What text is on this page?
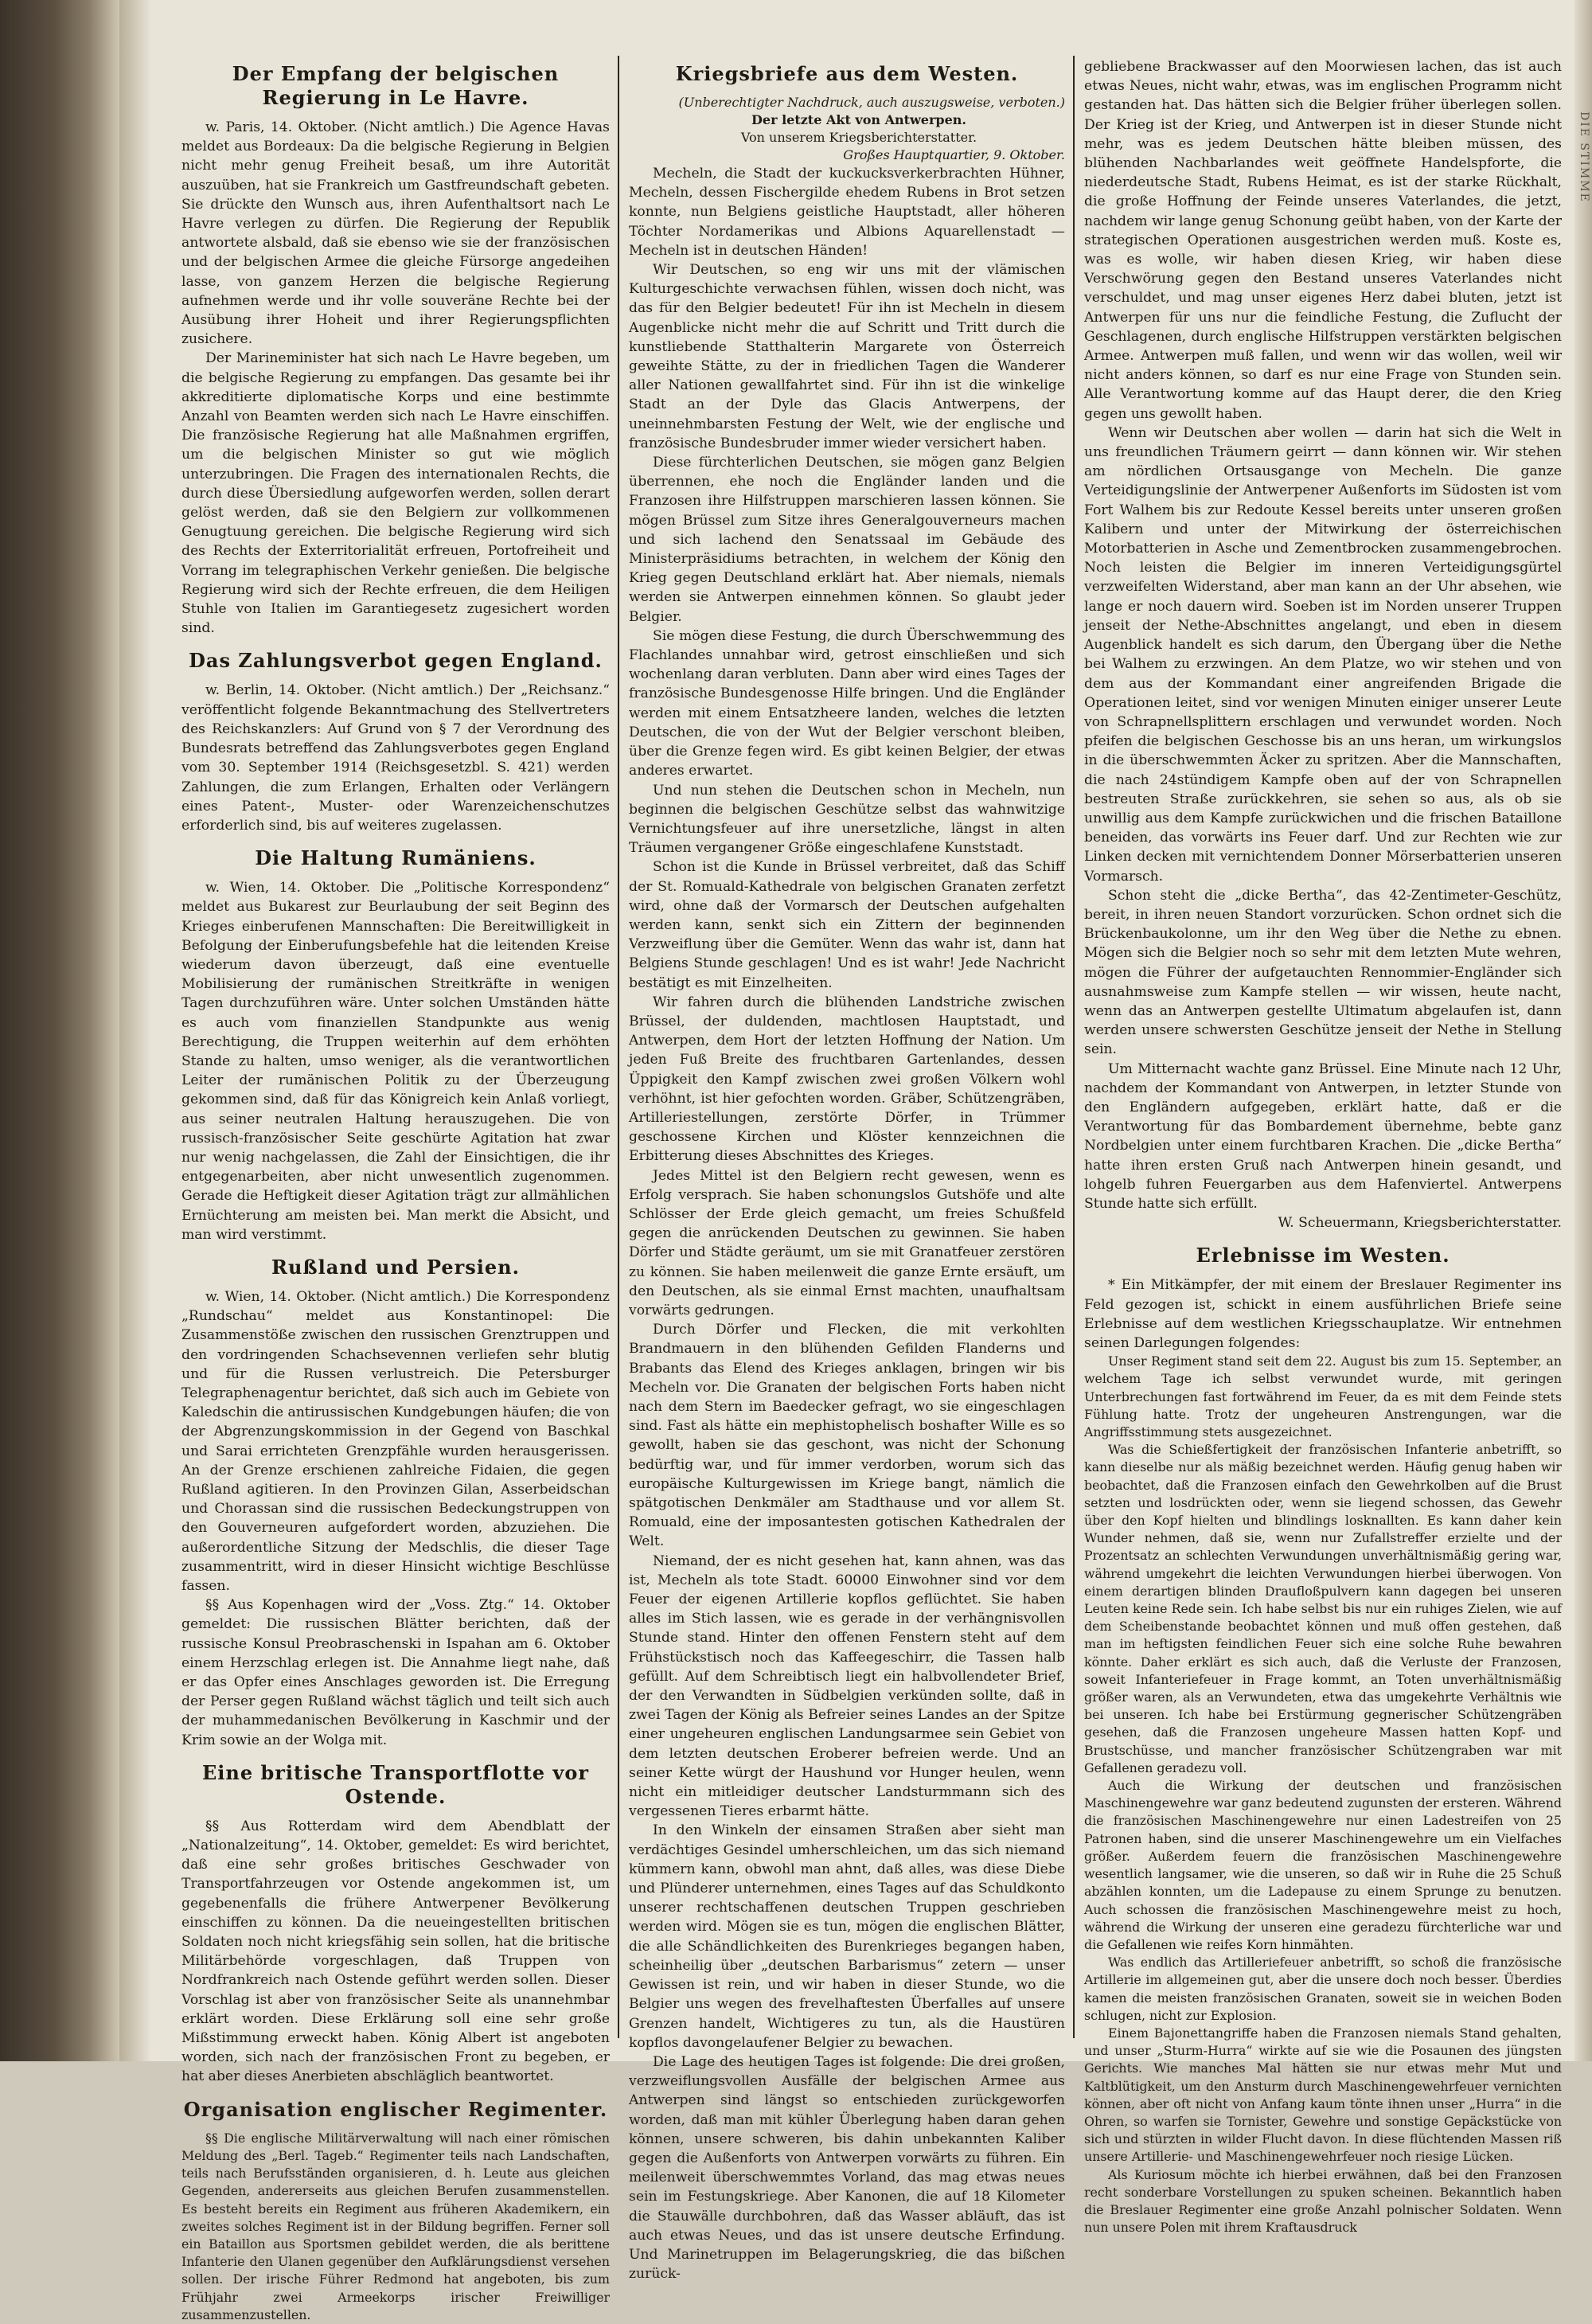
DIE STIMME
Der Empfang der belgischen Regierung in Le Havre.

w. Paris, 14. Oktober. (Nicht amtlich.) Die Agence Havas meldet aus Bordeaux: Da die belgische Regierung in Belgien nicht mehr genug Freiheit besaß, um ihre Autorität auszuüben, hat sie Frankreich um Gastfreundschaft gebeten. Sie drückte den Wunsch aus, ihren Aufenthaltsort nach Le Havre verlegen zu dürfen. Die Regierung der Republik antwortete alsbald, daß sie ebenso wie sie der französischen und der belgischen Armee die gleiche Fürsorge angedeihen lasse, von ganzem Herzen die belgische Regierung aufnehmen werde und ihr volle souveräne Rechte bei der Ausübung ihrer Hoheit und ihrer Regierungspflichten zusichere.

Der Marineminister hat sich nach Le Havre begeben, um die belgische Regierung zu empfangen. Das gesamte bei ihr akkreditierte diplomatische Korps und eine bestimmte Anzahl von Beamten werden sich nach Le Havre einschiffen. Die französische Regierung hat alle Maßnahmen ergriffen, um die belgischen Minister so gut wie möglich unterzubringen. Die Fragen des internationalen Rechts, die durch diese Übersiedlung aufgeworfen werden, sollen derart gelöst werden, daß sie den Belgiern zur vollkommenen Genugtuung gereichen. Die belgische Regierung wird sich des Rechts der Exterritorialität erfreuen, Portofreiheit und Vorrang im telegraphischen Verkehr genießen. Die belgische Regierung wird sich der Rechte erfreuen, die dem Heiligen Stuhle von Italien im Garantiegesetz zugesichert worden sind.

Das Zahlungsverbot gegen England.

w. Berlin, 14. Oktober. (Nicht amtlich.) Der „Reichsanz.“ veröffentlicht folgende Bekanntmachung des Stellvertreters des Reichskanzlers: Auf Grund von § 7 der Verordnung des Bundesrats betreffend das Zahlungsverbotes gegen England vom 30. September 1914 (Reichsgesetzbl. S. 421) werden Zahlungen, die zum Erlangen, Erhalten oder Verlängern eines Patent-, Muster- oder Warenzeichenschutzes erforderlich sind, bis auf weiteres zugelassen.

Die Haltung Rumäniens.

w. Wien, 14. Oktober. Die „Politische Korrespondenz“ meldet aus Bukarest zur Beurlaubung der seit Beginn des Krieges einberufenen Mannschaften: Die Bereitwilligkeit in Befolgung der Einberufungsbefehle hat die leitenden Kreise wiederum davon überzeugt, daß eine eventuelle Mobilisierung der rumänischen Streitkräfte in wenigen Tagen durchzuführen wäre. Unter solchen Umständen hätte es auch vom finanziellen Standpunkte aus wenig Berechtigung, die Truppen weiterhin auf dem erhöhten Stande zu halten, umso weniger, als die verantwortlichen Leiter der rumänischen Politik zu der Überzeugung gekommen sind, daß für das Königreich kein Anlaß vorliegt, aus seiner neutralen Haltung herauszugehen. Die von russisch-französischer Seite geschürte Agitation hat zwar nur wenig nachgelassen, die Zahl der Einsichtigen, die ihr entgegenarbeiten, aber nicht unwesentlich zugenommen. Gerade die Heftigkeit dieser Agitation trägt zur allmählichen Ernüchterung am meisten bei. Man merkt die Absicht, und man wird verstimmt.

Rußland und Persien.

w. Wien, 14. Oktober. (Nicht amtlich.) Die Korrespondenz „Rundschau“ meldet aus Konstantinopel: Die Zusammenstöße zwischen den russischen Grenztruppen und den vordringenden Schachsevennen verliefen sehr blutig und für die Russen verlustreich. Die Petersburger Telegraphenagentur berichtet, daß sich auch im Gebiete von Kaledschin die antirussischen Kundgebungen häufen; die von der Abgrenzungskommission in der Gegend von Baschkal und Sarai errichteten Grenzpfähle wurden herausgerissen. An der Grenze erschienen zahlreiche Fidaien, die gegen Rußland agitieren. In den Provinzen Gilan, Asserbeidschan und Chorassan sind die russischen Bedeckungstruppen von den Gouverneuren aufgefordert worden, abzuziehen. Die außerordentliche Sitzung der Medschlis, die dieser Tage zusammentritt, wird in dieser Hinsicht wichtige Beschlüsse fassen.

§§ Aus Kopenhagen wird der „Voss. Ztg.“ 14. Oktober gemeldet: Die russischen Blätter berichten, daß der russische Konsul Preobraschenski in Ispahan am 6. Oktober einem Herzschlag erlegen ist. Die Annahme liegt nahe, daß er das Opfer eines Anschlages geworden ist. Die Erregung der Perser gegen Rußland wächst täglich und teilt sich auch der muhammedanischen Bevölkerung in Kaschmir und der Krim sowie an der Wolga mit.

Eine britische Transportflotte vor Ostende.

§§ Aus Rotterdam wird dem Abendblatt der „Nationalzeitung“, 14. Oktober, gemeldet: Es wird berichtet, daß eine sehr großes britisches Geschwader von Transportfahrzeugen vor Ostende angekommen ist, um gegebenenfalls die frühere Antwerpener Bevölkerung einschiffen zu können. Da die neueingestellten britischen Soldaten noch nicht kriegsfähig sein sollen, hat die britische Militärbehörde vorgeschlagen, daß Truppen von Nordfrankreich nach Ostende geführt werden sollen. Dieser Vorschlag ist aber von französischer Seite als unannehmbar erklärt worden. Diese Erklärung soll eine sehr große Mißstimmung erweckt haben. König Albert ist angeboten worden, sich nach der französischen Front zu begeben, er hat aber dieses Anerbieten abschläglich beantwortet.

Organisation englischer Regimenter.

§§ Die englische Militärverwaltung will nach einer römischen Meldung des „Berl. Tageb.“ Regimenter teils nach Landschaften, teils nach Berufsständen organisieren, d. h. Leute aus gleichen Gegenden, andererseits aus gleichen Berufen zusammenstellen. Es besteht bereits ein Regiment aus früheren Akademikern, ein zweites solches Regiment ist in der Bildung begriffen. Ferner soll ein Bataillon aus Sportsmen gebildet werden, die als berittene Infanterie den Ulanen gegenüber den Aufklärungsdienst versehen sollen. Der irische Führer Redmond hat angeboten, bis zum Frühjahr zwei Armeekorps irischer Freiwilliger zusammenzustellen.

Kriegsbriefe aus dem Westen.

(Unberechtigter Nachdruck, auch auszugsweise, verboten.)

Der letzte Akt von Antwerpen.

Von unserem Kriegsberichterstatter.

Großes Hauptquartier, 9. Oktober.

Mecheln, die Stadt der kuckucksverkerbrachten Hühner, Mecheln, dessen Fischergilde ehedem Rubens in Brot setzen konnte, nun Belgiens geistliche Hauptstadt, aller höheren Töchter Nordamerikas und Albions Aquarellenstadt — Mecheln ist in deutschen Händen!

Wir Deutschen, so eng wir uns mit der vlämischen Kulturgeschichte verwachsen fühlen, wissen doch nicht, was das für den Belgier bedeutet! Für ihn ist Mecheln in diesem Augenblicke nicht mehr die auf Schritt und Tritt durch die kunstliebende Statthalterin Margarete von Österreich geweihte Stätte, zu der in friedlichen Tagen die Wanderer aller Nationen gewallfahrtet sind. Für ihn ist die winkelige Stadt an der Dyle das Glacis Antwerpens, der uneinnehmbarsten Festung der Welt, wie der englische und französische Bundesbruder immer wieder versichert haben.

Diese fürchterlichen Deutschen, sie mögen ganz Belgien überrennen, ehe noch die Engländer landen und die Franzosen ihre Hilfstruppen marschieren lassen können. Sie mögen Brüssel zum Sitze ihres Generalgouverneurs machen und sich lachend den Senatssaal im Gebäude des Ministerpräsidiums betrachten, in welchem der König den Krieg gegen Deutschland erklärt hat. Aber niemals, niemals werden sie Antwerpen einnehmen können. So glaubt jeder Belgier.

Sie mögen diese Festung, die durch Überschwemmung des Flachlandes unnahbar wird, getrost einschließen und sich wochenlang daran verbluten. Dann aber wird eines Tages der französische Bundesgenosse Hilfe bringen. Und die Engländer werden mit einem Entsatzheere landen, welches die letzten Deutschen, die von der Wut der Belgier verschont bleiben, über die Grenze fegen wird. Es gibt keinen Belgier, der etwas anderes erwartet.

Und nun stehen die Deutschen schon in Mecheln, nun beginnen die belgischen Geschütze selbst das wahnwitzige Vernichtungsfeuer auf ihre unersetzliche, längst in alten Träumen vergangener Größe eingeschlafene Kunststadt.

Schon ist die Kunde in Brüssel verbreitet, daß das Schiff der St. Romuald-Kathedrale von belgischen Granaten zerfetzt wird, ohne daß der Vormarsch der Deutschen aufgehalten werden kann, senkt sich ein Zittern der beginnenden Verzweiflung über die Gemüter. Wenn das wahr ist, dann hat Belgiens Stunde geschlagen! Und es ist wahr! Jede Nachricht bestätigt es mit Einzelheiten.

Wir fahren durch die blühenden Landstriche zwischen Brüssel, der duldenden, machtlosen Hauptstadt, und Antwerpen, dem Hort der letzten Hoffnung der Nation. Um jeden Fuß Breite des fruchtbaren Gartenlandes, dessen Üppigkeit den Kampf zwischen zwei großen Völkern wohl verhöhnt, ist hier gefochten worden. Gräber, Schützengräben, Artilleriestellungen, zerstörte Dörfer, in Trümmer geschossene Kirchen und Klöster kennzeichnen die Erbitterung dieses Abschnittes des Krieges.

Jedes Mittel ist den Belgiern recht gewesen, wenn es Erfolg versprach. Sie haben schonungslos Gutshöfe und alte Schlösser der Erde gleich gemacht, um freies Schußfeld gegen die anrückenden Deutschen zu gewinnen. Sie haben Dörfer und Städte geräumt, um sie mit Granatfeuer zerstören zu können. Sie haben meilenweit die ganze Ernte ersäuft, um den Deutschen, als sie einmal Ernst machten, unaufhaltsam vorwärts gedrungen.

Durch Dörfer und Flecken, die mit verkohlten Brandmauern in den blühenden Gefilden Flanderns und Brabants das Elend des Krieges anklagen, bringen wir bis Mecheln vor. Die Granaten der belgischen Forts haben nicht nach dem Stern im Baedecker gefragt, wo sie eingeschlagen sind. Fast als hätte ein mephistophelisch boshafter Wille es so gewollt, haben sie das geschont, was nicht der Schonung bedürftig war, und für immer verdorben, worum sich das europäische Kulturgewissen im Kriege bangt, nämlich die spätgotischen Denkmäler am Stadthause und vor allem St. Romuald, eine der imposantesten gotischen Kathedralen der Welt.

Niemand, der es nicht gesehen hat, kann ahnen, was das ist, Mecheln als tote Stadt. 60000 Einwohner sind vor dem Feuer der eigenen Artillerie kopflos geflüchtet. Sie haben alles im Stich lassen, wie es gerade in der verhängnisvollen Stunde stand. Hinter den offenen Fenstern steht auf dem Frühstückstisch noch das Kaffeegeschirr, die Tassen halb gefüllt. Auf dem Schreibtisch liegt ein halbvollendeter Brief, der den Verwandten in Südbelgien verkünden sollte, daß in zwei Tagen der König als Befreier seines Landes an der Spitze einer ungeheuren englischen Landungsarmee sein Gebiet von dem letzten deutschen Eroberer befreien werde. Und an seiner Kette würgt der Haushund vor Hunger heulen, wenn nicht ein mitleidiger deutscher Landsturmmann sich des vergessenen Tieres erbarmt hätte.

In den Winkeln der einsamen Straßen aber sieht man verdächtiges Gesindel umherschleichen, um das sich niemand kümmern kann, obwohl man ahnt, daß alles, was diese Diebe und Plünderer unternehmen, eines Tages auf das Schuldkonto unserer rechtschaffenen deutschen Truppen geschrieben werden wird. Mögen sie es tun, mögen die englischen Blätter, die alle Schändlichkeiten des Burenkrieges begangen haben, scheinheilig über „deutschen Barbarismus“ zetern — unser Gewissen ist rein, und wir haben in dieser Stunde, wo die Belgier uns wegen des frevelhaftesten Überfalles auf unsere Grenzen handelt, Wichtigeres zu tun, als die Haustüren kopflos davongelaufener Belgier zu bewachen.

Die Lage des heutigen Tages ist folgende: Die drei großen, verzweiflungsvollen Ausfälle der belgischen Armee aus Antwerpen sind längst so entschieden zurückgeworfen worden, daß man mit kühler Überlegung haben daran gehen können, unsere schweren, bis dahin unbekannten Kaliber gegen die Außenforts von Antwerpen vorwärts zu führen. Ein meilenweit überschwemmtes Vorland, das mag etwas neues sein im Festungskriege. Aber Kanonen, die auf 18 Kilometer die Stauwälle durchbohren, daß das Wasser abläuft, das ist auch etwas Neues, und das ist unsere deutsche Erfindung. Und Marinetruppen im Belagerungskrieg, die das bißchen zurück-

gebliebene Brackwasser auf den Moorwiesen lachen, das ist auch etwas Neues, nicht wahr, etwas, was im englischen Programm nicht gestanden hat. Das hätten sich die Belgier früher überlegen sollen. Der Krieg ist der Krieg, und Antwerpen ist in dieser Stunde nicht mehr, was es jedem Deutschen hätte bleiben müssen, des blühenden Nachbarlandes weit geöffnete Handelspforte, die niederdeutsche Stadt, Rubens Heimat, es ist der starke Rückhalt, die große Hoffnung der Feinde unseres Vaterlandes, die jetzt, nachdem wir lange genug Schonung geübt haben, von der Karte der strategischen Operationen ausgestrichen werden muß. Koste es, was es wolle, wir haben diesen Krieg, wir haben diese Verschwörung gegen den Bestand unseres Vaterlandes nicht verschuldet, und mag unser eigenes Herz dabei bluten, jetzt ist Antwerpen für uns nur die feindliche Festung, die Zuflucht der Geschlagenen, durch englische Hilfstruppen verstärkten belgischen Armee. Antwerpen muß fallen, und wenn wir das wollen, weil wir nicht anders können, so darf es nur eine Frage von Stunden sein. Alle Verantwortung komme auf das Haupt derer, die den Krieg gegen uns gewollt haben.

Wenn wir Deutschen aber wollen — darin hat sich die Welt in uns freundlichen Träumern geirrt — dann können wir. Wir stehen am nördlichen Ortsausgange von Mecheln. Die ganze Verteidigungslinie der Antwerpener Außenforts im Südosten ist vom Fort Walhem bis zur Redoute Kessel bereits unter unseren großen Kalibern und unter der Mitwirkung der österreichischen Motorbatterien in Asche und Zementbrocken zusammengebrochen. Noch leisten die Belgier im inneren Verteidigungsgürtel verzweifelten Widerstand, aber man kann an der Uhr absehen, wie lange er noch dauern wird. Soeben ist im Norden unserer Truppen jenseit der Nethe-Abschnittes angelangt, und eben in diesem Augenblick handelt es sich darum, den Übergang über die Nethe bei Walhem zu erzwingen. An dem Platze, wo wir stehen und von dem aus der Kommandant einer angreifenden Brigade die Operationen leitet, sind vor wenigen Minuten einiger unserer Leute von Schrapnellsplittern erschlagen und verwundet worden. Noch pfeifen die belgischen Geschosse bis an uns heran, um wirkungslos in die überschwemmten Äcker zu spritzen. Aber die Mannschaften, die nach 24stündigem Kampfe oben auf der von Schrapnellen bestreuten Straße zurückkehren, sie sehen so aus, als ob sie unwillig aus dem Kampfe zurückwichen und die frischen Bataillone beneiden, das vorwärts ins Feuer darf. Und zur Rechten wie zur Linken decken mit vernichtendem Donner Mörserbatterien unseren Vormarsch.

Schon steht die „dicke Bertha“, das 42-Zentimeter-Geschütz, bereit, in ihren neuen Standort vorzurücken. Schon ordnet sich die Brückenbaukolonne, um ihr den Weg über die Nethe zu ebnen. Mögen sich die Belgier noch so sehr mit dem letzten Mute wehren, mögen die Führer der aufgetauchten Rennommier-Engländer sich ausnahmsweise zum Kampfe stellen — wir wissen, heute nacht, wenn das an Antwerpen gestellte Ultimatum abgelaufen ist, dann werden unsere schwersten Geschütze jenseit der Nethe in Stellung sein.

Um Mitternacht wachte ganz Brüssel. Eine Minute nach 12 Uhr, nachdem der Kommandant von Antwerpen, in letzter Stunde von den Engländern aufgegeben, erklärt hatte, daß er die Verantwortung für das Bombardement übernehme, bebte ganz Nordbelgien unter einem furchtbaren Krachen. Die „dicke Bertha“ hatte ihren ersten Gruß nach Antwerpen hinein gesandt, und lohgelb fuhren Feuergarben aus dem Hafenviertel. Antwerpens Stunde hatte sich erfüllt.

W. Scheuermann, Kriegsberichterstatter.

Erlebnisse im Westen.

* Ein Mitkämpfer, der mit einem der Breslauer Regimenter ins Feld gezogen ist, schickt in einem ausführlichen Briefe seine Erlebnisse auf dem westlichen Kriegsschauplatze. Wir entnehmen seinen Darlegungen folgendes:

Unser Regiment stand seit dem 22. August bis zum 15. September, an welchem Tage ich selbst verwundet wurde, mit geringen Unterbrechungen fast fortwährend im Feuer, da es mit dem Feinde stets Fühlung hatte. Trotz der ungeheuren Anstrengungen, war die Angriffsstimmung stets ausgezeichnet.

Was die Schießfertigkeit der französischen Infanterie anbetrifft, so kann dieselbe nur als mäßig bezeichnet werden. Häufig genug haben wir beobachtet, daß die Franzosen einfach den Gewehrkolben auf die Brust setzten und losdrückten oder, wenn sie liegend schossen, das Gewehr über den Kopf hielten und blindlings losknallten. Es kann daher kein Wunder nehmen, daß sie, wenn nur Zufallstreffer erzielte und der Prozentsatz an schlechten Verwundungen unverhältnismäßig gering war, während umgekehrt die leichten Verwundungen hierbei überwogen. Von einem derartigen blinden Draufloßpulvern kann dagegen bei unseren Leuten keine Rede sein. Ich habe selbst bis nur ein ruhiges Zielen, wie auf dem Scheibenstande beobachtet können und muß offen gestehen, daß man im heftigsten feindlichen Feuer sich eine solche Ruhe bewahren könnte. Daher erklärt es sich auch, daß die Verluste der Franzosen, soweit Infanteriefeuer in Frage kommt, an Toten unverhältnismäßig größer waren, als an Verwundeten, etwa das umgekehrte Verhältnis wie bei unseren. Ich habe bei Erstürmung gegnerischer Schützengräben gesehen, daß die Franzosen ungeheure Massen hatten Kopf- und Brustschüsse, und mancher französischer Schützengraben war mit Gefallenen geradezu voll.

Auch die Wirkung der deutschen und französischen Maschinengewehre war ganz bedeutend zugunsten der ersteren. Während die französischen Maschinengewehre nur einen Ladestreifen von 25 Patronen haben, sind die unserer Maschinengewehre um ein Vielfaches größer. Außerdem feuern die französischen Maschinengewehre wesentlich langsamer, wie die unseren, so daß wir in Ruhe die 25 Schuß abzählen konnten, um die Ladepause zu einem Sprunge zu benutzen. Auch schossen die französischen Maschinengewehre meist zu hoch, während die Wirkung der unseren eine geradezu fürchterliche war und die Gefallenen wie reifes Korn hinmähten.

Was endlich das Artilleriefeuer anbetrifft, so schoß die französische Artillerie im allgemeinen gut, aber die unsere doch noch besser. Überdies kamen die meisten französischen Granaten, soweit sie in weichen Boden schlugen, nicht zur Explosion.

Einem Bajonettangriffe haben die Franzosen niemals Stand gehalten, und unser „Sturm-Hurra“ wirkte auf sie wie die Posaunen des jüngsten Gerichts. Wie manches Mal hätten sie nur etwas mehr Mut und Kaltblütigkeit, um den Ansturm durch Maschinengewehrfeuer vernichten können, aber oft nicht von Anfang kaum tönte ihnen unser „Hurra“ in die Ohren, so warfen sie Tornister, Gewehre und sonstige Gepäckstücke von sich und stürzten in wilder Flucht davon. In diese flüchtenden Massen riß unsere Artillerie- und Maschinengewehrfeuer noch riesige Lücken.

Als Kuriosum möchte ich hierbei erwähnen, daß bei den Franzosen recht sonderbare Vorstellungen zu spuken scheinen. Bekanntlich haben die Breslauer Regimenter eine große Anzahl polnischer Soldaten. Wenn nun unsere Polen mit ihrem Kraftausdruck
